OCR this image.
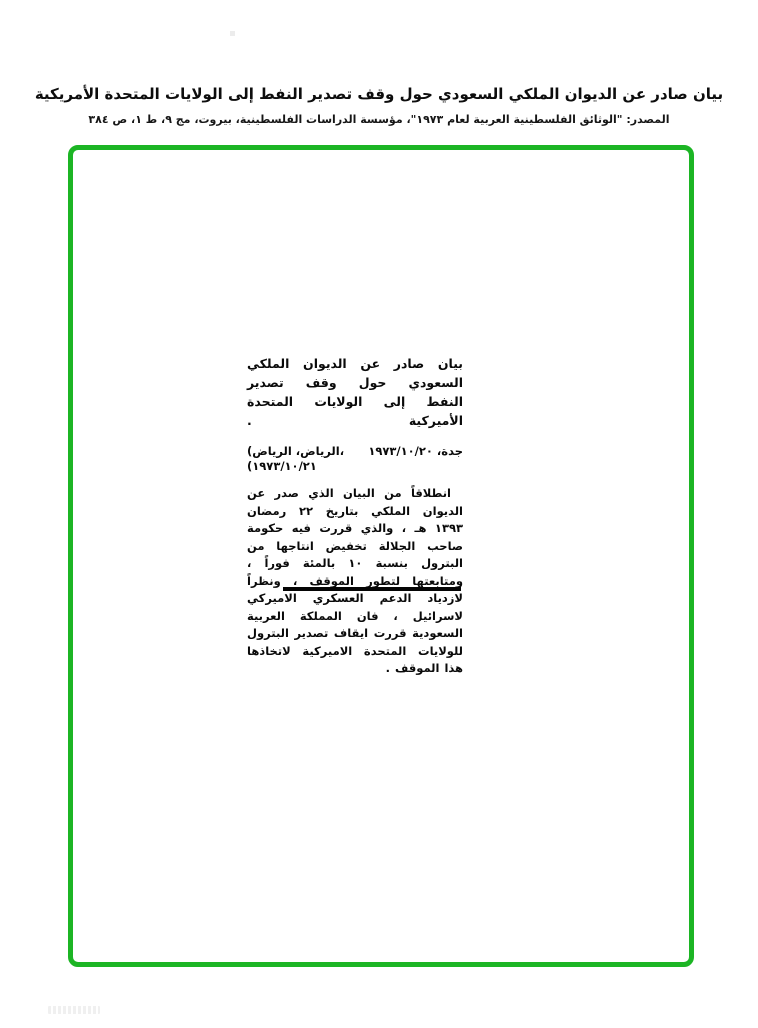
بيان صادر عن الديوان الملكي السعودي حول وقف تصدير النفط إلى الولايات المتحدة الأمريكية
المصدر: "الوثائق الفلسطينية العربية لعام ١٩٧٣"، مؤسسة الدراسات الفلسطينية، بيروت، مج ٩، ط ١، ص ٣٨٤
بيان صادر عن الديوان الملكي السعودي حول وقف تصدير
النفط إلى الولايات المتحدة الأميركية .
(الرياض، الرياض،
(١٩٧٣/١٠/٢١
جدة، ١٩٧٣/١٠/٢٠
انطلاقاً من البيان الذي صدر عن الديوان الملكي بتاريخ ٢٢ رمضان ١٣٩٣ هـ ، والذي قررت فيه حكومة صاحب الجلالة تخفيض انتاجها من البترول بنسبة ١٠ بالمئة فوراً ، ومتابعتها لتطور الموقف ، ونظراً لازدياد الدعم العسكري الاميركي لاسرائيل ، فان المملكة العربية السعودية قررت ايقاف تصدير البترول للولايات المتحدة الاميركية لاتخاذها هذا الموقف .
